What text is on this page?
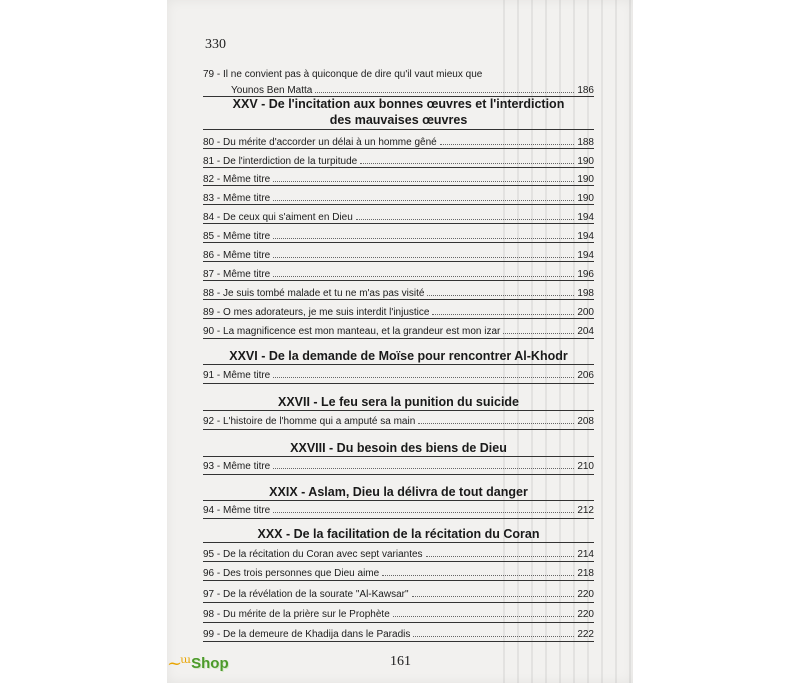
330
79 - Il ne convient pas à quiconque de dire qu'il vaut mieux que
Younos Ben Matta	186
XXV - De l'incitation aux bonnes œuvres et l'interdiction
des mauvaises œuvres
80 - Du mérite d'accorder un délai à un homme gêné	188
81 - De l'interdiction de la turpitude	190
82 - Même titre	190
83 - Même titre	190
84 - De ceux qui s'aiment en Dieu	194
85 - Même titre	194
86 - Même titre	194
87 - Même titre	196
88 - Je suis tombé malade et tu ne m'as pas visité	198
89 - O mes adorateurs, je me suis interdit l'injustice	200
90 - La magnificence est mon manteau, et la grandeur est mon izar	204
XXVI - De la demande de Moïse pour rencontrer Al-Khodr
91 - Même titre	206
XXVII - Le feu sera la punition du suicide
92 - L'histoire de l'homme qui a amputé sa main	208
XXVIII - Du besoin des biens de Dieu
93 - Même titre	210
XXIX - Aslam, Dieu la délivra de tout danger
94 - Même titre	212
XXX - De la facilitation de la récitation du Coran
95 - De la récitation du Coran avec sept variantes	214
96 - Des trois personnes que Dieu aime	218
97 - De la révélation de la sourate "Al-Kawsar"	220
98 - Du mérite de la prière sur le Prophète	220
99 - De la demeure de Khadija dans le Paradis	222
161
~ᵚ Shop
